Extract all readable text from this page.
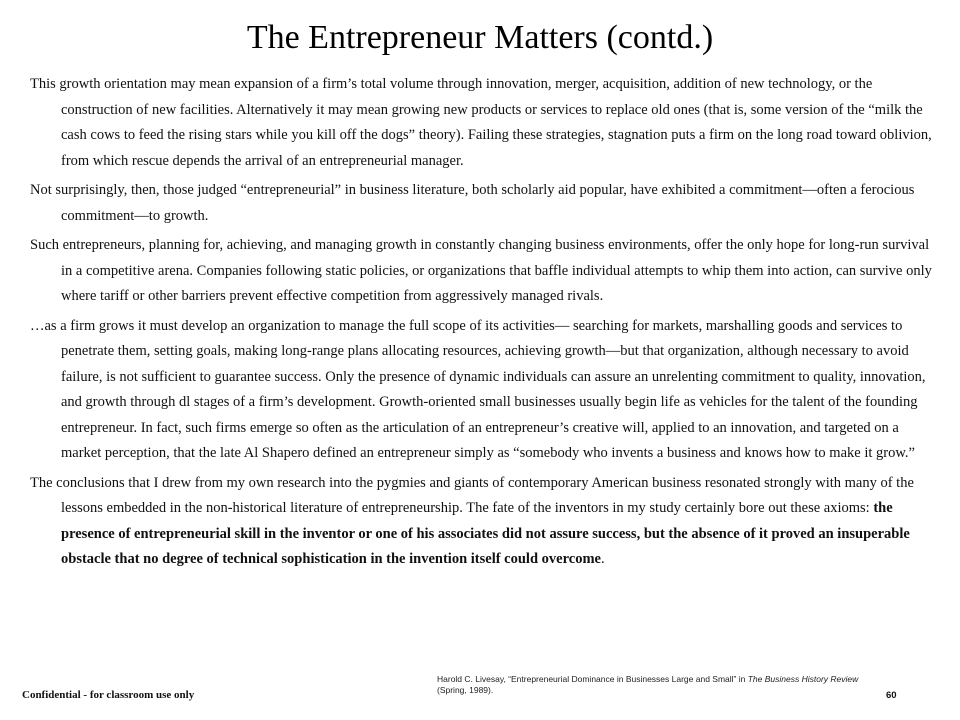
The Entrepreneur Matters (contd.)

This growth orientation may mean expansion of a firm’s total volume through innovation, merger, acquisition, addition of new technology, or the construction of new facilities. Alternatively it may mean growing new products or services to replace old ones (that is, some version of the “milk the cash cows to feed the rising stars while you kill off the dogs” theory). Failing these strategies, stagnation puts a firm on the long road toward oblivion, from which rescue depends the arrival of an entrepreneurial manager.

Not surprisingly, then, those judged “entrepreneurial” in business literature, both scholarly aid popular, have exhibited a commitment—often a ferocious commitment—to growth.

Such entrepreneurs, planning for, achieving, and managing growth in constantly changing business environments, offer the only hope for long-run survival in a competitive arena. Companies following static policies, or organizations that baffle individual attempts to whip them into action, can survive only where tariff or other barriers prevent effective competition from aggressively managed rivals.

…as a firm grows it must develop an organization to manage the full scope of its activities— searching for markets, marshalling goods and services to penetrate them, setting goals, making long-range plans allocating resources, achieving growth—but that organization, although necessary to avoid failure, is not sufficient to guarantee success. Only the presence of dynamic individuals can assure an unrelenting commitment to quality, innovation, and growth through dl stages of a firm’s development. Growth-oriented small businesses usually begin life as vehicles for the talent of the founding entrepreneur. In fact, such firms emerge so often as the articulation of an entrepreneur’s creative will, applied to an innovation, and targeted on a market perception, that the late Al Shapero defined an entrepreneur simply as “somebody who invents a business and knows how to make it grow.”

The conclusions that I drew from my own research into the pygmies and giants of contemporary American business resonated strongly with many of the lessons embedded in the non-historical literature of entrepreneurship. The fate of the inventors in my study certainly bore out these axioms: the presence of entrepreneurial skill in the inventor or one of his associates did not assure success, but the absence of it proved an insuperable obstacle that no degree of technical sophistication in the invention itself could overcome.

Confidential - for classroom use only
Harold C. Livesay, “Entrepreneurial Dominance in Businesses Large and Small” in The Business History Review (Spring, 1989).	60
